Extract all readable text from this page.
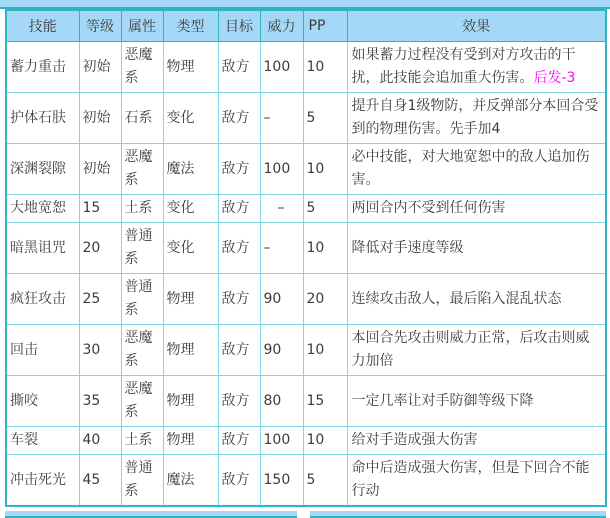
技能	等级	属性	类型	目标	威力	PP	效果
蓄力重击	初始	恶魔系	物理	敌方	100	10	如果蓄力过程没有受到对方攻击的干扰，此技能会追加重大伤害。后发-3
护体石肤	初始	石系	变化	敌方	–	5	提升自身1级物防，并反弹部分本回合受到的物理伤害。先手加4
深渊裂隙	初始	恶魔系	魔法	敌方	100	10	必中技能，对大地宽恕中的敌人追加伤害。
大地宽恕	15	土系	变化	敌方	　–	5	两回合内不受到任何伤害
暗黑诅咒	20	普通系	变化	敌方	–	10	降低对手速度等级
疯狂攻击	25	普通系	物理	敌方	90	20	连续攻击敌人，最后陷入混乱状态
回击	30	恶魔系	物理	敌方	90	10	本回合先攻击则威力正常，后攻击则威力加倍
撕咬	35	恶魔系	物理	敌方	80	15	一定几率让对手防御等级下降
车裂	40	土系	物理	敌方	100	10	给对手造成强大伤害
冲击死光	45	普通系	魔法	敌方	150	5	命中后造成强大伤害，但是下回合不能行动
